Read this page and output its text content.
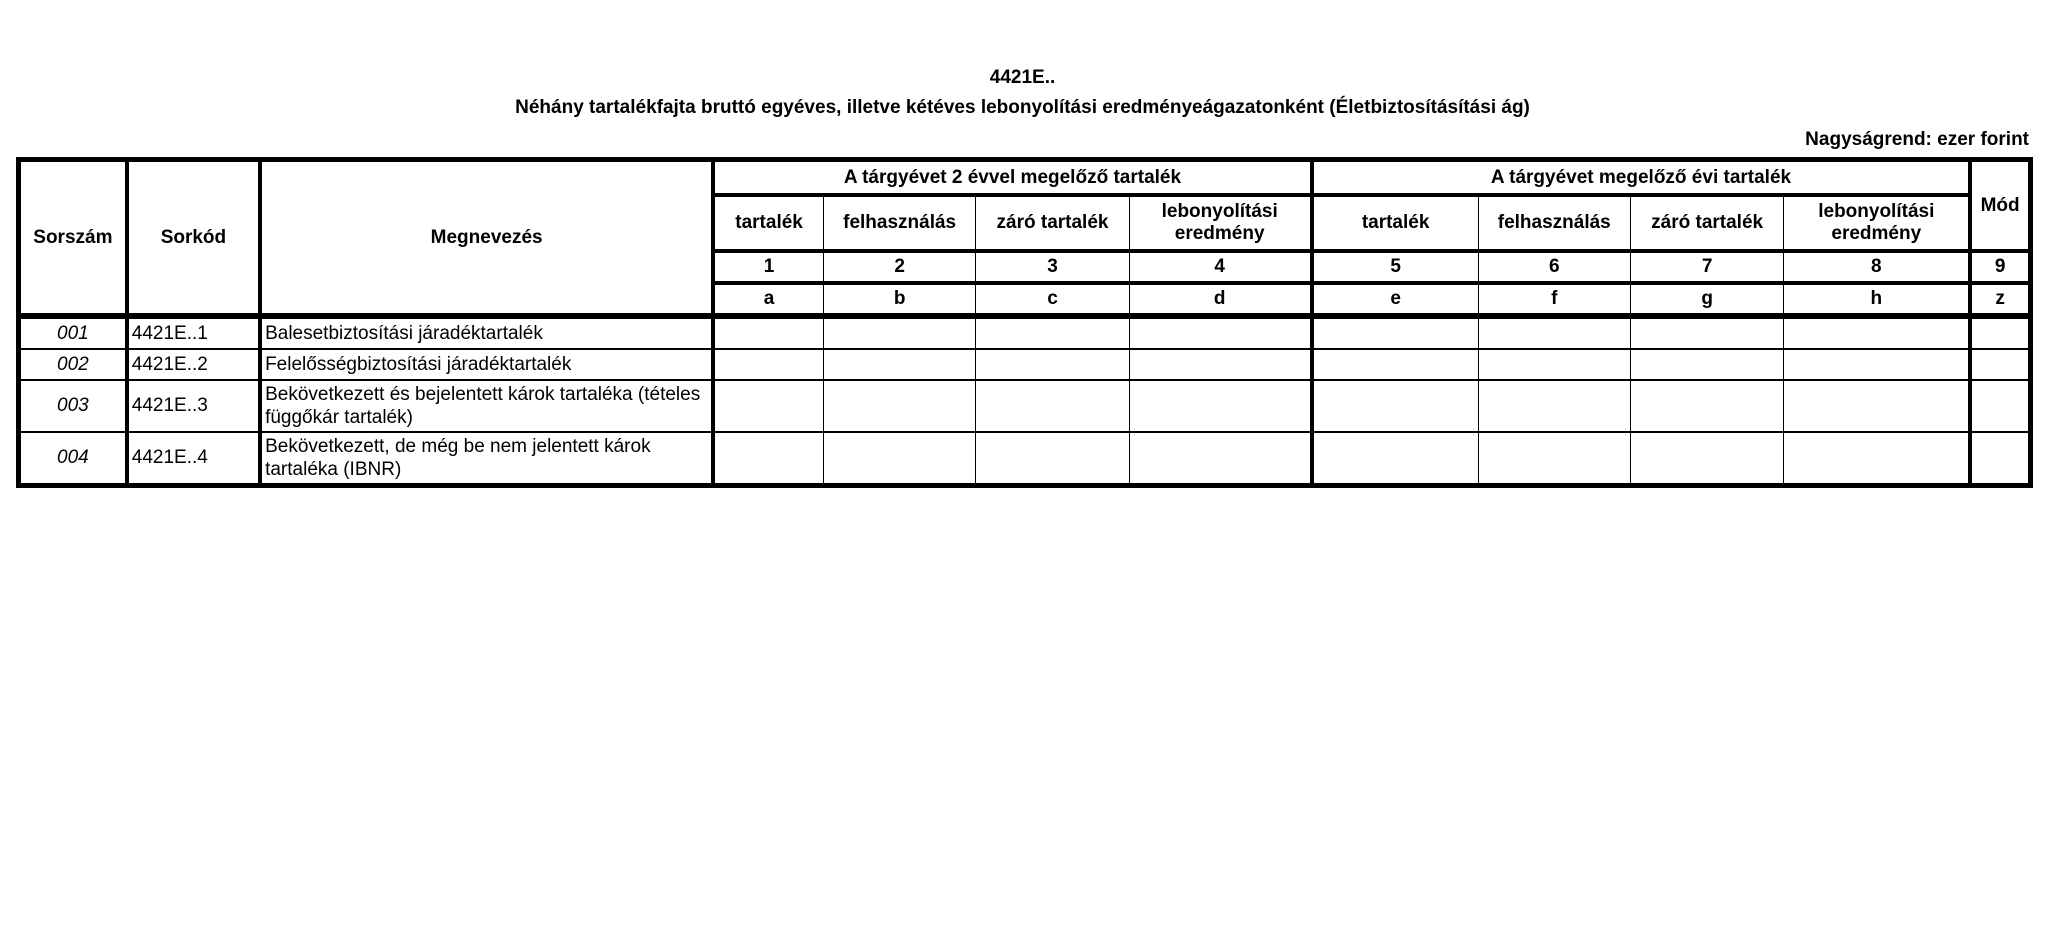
4421E..
Néhány tartalékfajta bruttó egyéves, illetve kétéves lebonyolítási eredményeágazatonként (Életbiztosításítási ág)
Nagyságrend: ezer forint
Sorszám	Sorkód	Megnevezés	A tárgyévet 2 évvel megelőző tartalék				A tárgyévet megelőző évi tartalék				Mód
			tartalék	felhasználás	záró tartalék	lebonyolítási eredmény	tartalék	felhasználás	záró tartalék	lebonyolítási eredmény	
			1	2	3	4	5	6	7	8	9
			a	b	c	d	e	f	g	h	z
001	4421E..1	Balesetbiztosítási járadéktartalék									
002	4421E..2	Felelősségbiztosítási járadéktartalék									
003	4421E..3	Bekövetkezett és bejelentett károk tartaléka (tételes függőkár tartalék)									
004	4421E..4	Bekövetkezett, de még be nem jelentett károk tartaléka (IBNR)									
